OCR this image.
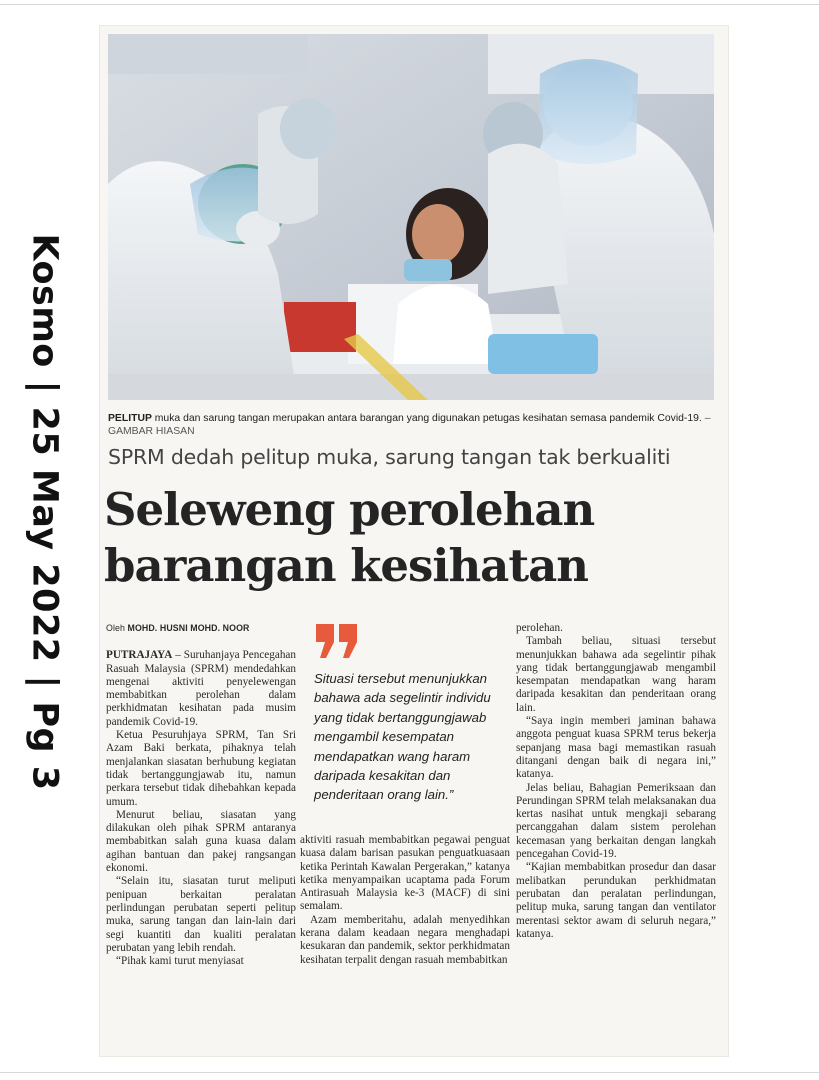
Kosmo | 25 May 2022 | Pg 3	PELITUP muka dan sarung tangan merupakan antara barangan yang digunakan petugas kesihatan semasa pandemik Covid-19. – GAMBAR HIASAN
SPRM dedah pelitup muka, sarung tangan tak berkualiti
Seleweng perolehan
barangan kesihatan
Oleh MOHD. HUSNI MOHD. NOOR

PUTRAJAYA – Suruhanjaya Pencegahan Rasuah Malaysia (SPRM) mendedahkan mengenai aktiviti penyelewengan membabitkan perolehan dalam perkhidmatan kesihatan pada musim pandemik Covid-19.

Ketua Pesuruhjaya SPRM, Tan Sri Azam Baki berkata, pihaknya telah menjalankan siasatan berhubung kegiatan tidak bertanggungjawab itu, namun perkara tersebut tidak dihebahkan kepada umum.

Menurut beliau, siasatan yang dilakukan oleh pihak SPRM antaranya membabitkan salah guna kuasa dalam agihan bantuan dan pakej rangsangan ekonomi.

“Selain itu, siasatan turut meliputi penipuan berkaitan peralatan perlindungan perubatan seperti pelitup muka, sarung tangan dan lain-lain dari segi kuantiti dan kualiti peralatan perubatan yang lebih rendah.

“Pihak kami turut menyiasat

Situasi tersebut menunjukkan bahawa ada segelintir individu yang tidak bertanggungjawab mengambil kesempatan mendapatkan wang haram daripada kesakitan dan penderitaan orang lain.”

aktiviti rasuah membabitkan pegawai penguat kuasa dalam barisan pasukan penguatkuasaan ketika Perintah Kawalan Pergerakan,” katanya ketika menyampaikan ucaptama pada Forum Antirasuah Malaysia ke-3 (MACF) di sini semalam.

Azam memberitahu, adalah menyedihkan kerana dalam keadaan negara menghadapi kesukaran dan pandemik, sektor perkhidmatan kesihatan terpalit dengan rasuah membabitkan

perolehan.

Tambah beliau, situasi tersebut menunjukkan bahawa ada segelintir pihak yang tidak bertanggungjawab mengambil kesempatan mendapatkan wang haram daripada kesakitan dan penderitaan orang lain.

“Saya ingin memberi jaminan bahawa anggota penguat kuasa SPRM terus bekerja sepanjang masa bagi memastikan rasuah ditangani dengan baik di negara ini,” katanya.

Jelas beliau, Bahagian Pemeriksaan dan Perundingan SPRM telah melaksanakan dua kertas nasihat untuk mengkaji sebarang percanggahan dalam sistem perolehan kecemasan yang berkaitan dengan langkah pencegahan Covid-19.

“Kajian membabitkan prosedur dan dasar melibatkan perundukan perkhidmatan perubatan dan peralatan perlindungan, pelitup muka, sarung tangan dan ventilator merentasi sektor awam di seluruh negara,” katanya.
